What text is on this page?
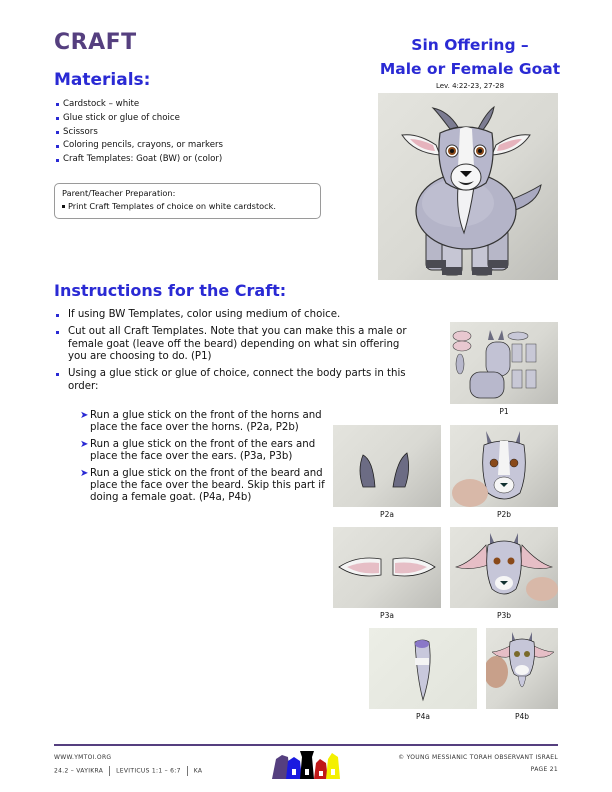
CRAFT
Materials:
Cardstock – white
Glue stick or glue of choice
Scissors
Coloring pencils, crayons, or markers
Craft Templates: Goat (BW) or (color)
Parent/Teacher Preparation:
Print Craft Templates of choice on white cardstock.
Sin Offering –
Male or Female Goat
Lev. 4:22-23, 27-28
Instructions for the Craft:
If using BW Templates, color using medium of choice.
Cut out all Craft Templates. Note that you can make this a male or female goat (leave off the beard) depending on what sin offering you are choosing to do. (P1)
Using a glue stick or glue of choice, connect the body parts in this order:
➤ Run a glue stick on the front of the horns and place the face over the horns. (P2a, P2b)
➤ Run a glue stick on the front of the ears and place the face over the ears. (P3a, P3b)
➤ Run a glue stick on the front of the beard and place the face over the beard. Skip this part if doing a female goat. (P4a, P4b)
P1
P2a	P2b
P3a	P3b
P4a	P4b
WWW.YMTOI.ORG
24.2 – VAYIKRA LEVITICUS 1:1 – 6:7 KA
© YOUNG MESSIANIC TORAH OBSERVANT ISRAEL
PAGE 21
